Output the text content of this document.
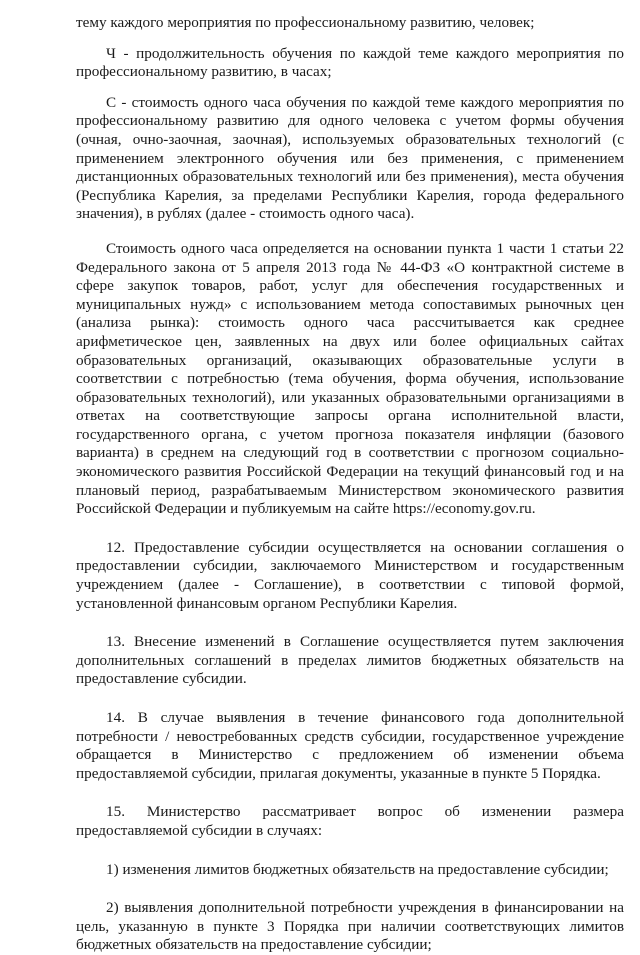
тему каждого мероприятия по профессиональному развитию, человек;

Ч - продолжительность обучения по каждой теме каждого мероприятия по профессиональному развитию, в часах;

С - стоимость одного часа обучения по каждой теме каждого мероприятия по профессиональному развитию для одного человека с учетом формы обучения (очная, очно-заочная, заочная), используемых образовательных технологий (с применением электронного обучения или без применения, с применением дистанционных образовательных технологий или без применения), места обучения (Республика Карелия, за пределами Республики Карелия, города федерального значения), в рублях (далее - стоимость одного часа).

Стоимость одного часа определяется на основании пункта 1 части 1 статьи 22 Федерального закона от 5 апреля 2013 года № 44-ФЗ «О контрактной системе в сфере закупок товаров, работ, услуг для обеспечения государственных и муниципальных нужд» с использованием метода сопоставимых рыночных цен (анализа рынка): стоимость одного часа рассчитывается как среднее арифметическое цен, заявленных на двух или более официальных сайтах образовательных организаций, оказывающих образовательные услуги в соответствии с потребностью (тема обучения, форма обучения, использование образовательных технологий), или указанных образовательными организациями в ответах на соответствующие запросы органа исполнительной власти, государственного органа, с учетом прогноза показателя инфляции (базового варианта) в среднем на следующий год в соответствии с прогнозом социально-экономического развития Российской Федерации на текущий финансовый год и на плановый период, разрабатываемым Министерством экономического развития Российской Федерации и публикуемым на сайте https://economy.gov.ru.

12. Предоставление субсидии осуществляется на основании соглашения о предоставлении субсидии, заключаемого Министерством и государственным учреждением (далее - Соглашение), в соответствии с типовой формой, установленной финансовым органом Республики Карелия.

13. Внесение изменений в Соглашение осуществляется путем заключения дополнительных соглашений в пределах лимитов бюджетных обязательств на предоставление субсидии.

14. В случае выявления в течение финансового года дополнительной потребности / невостребованных средств субсидии, государственное учреждение обращается в Министерство с предложением об изменении объема предоставляемой субсидии, прилагая документы, указанные в пункте 5 Порядка.

15. Министерство рассматривает вопрос об изменении размера предоставляемой субсидии в случаях:

1) изменения лимитов бюджетных обязательств на предоставление субсидии;

2) выявления дополнительной потребности учреждения в финансировании на цель, указанную в пункте 3 Порядка при наличии соответствующих лимитов бюджетных обязательств на предоставление субсидии;
